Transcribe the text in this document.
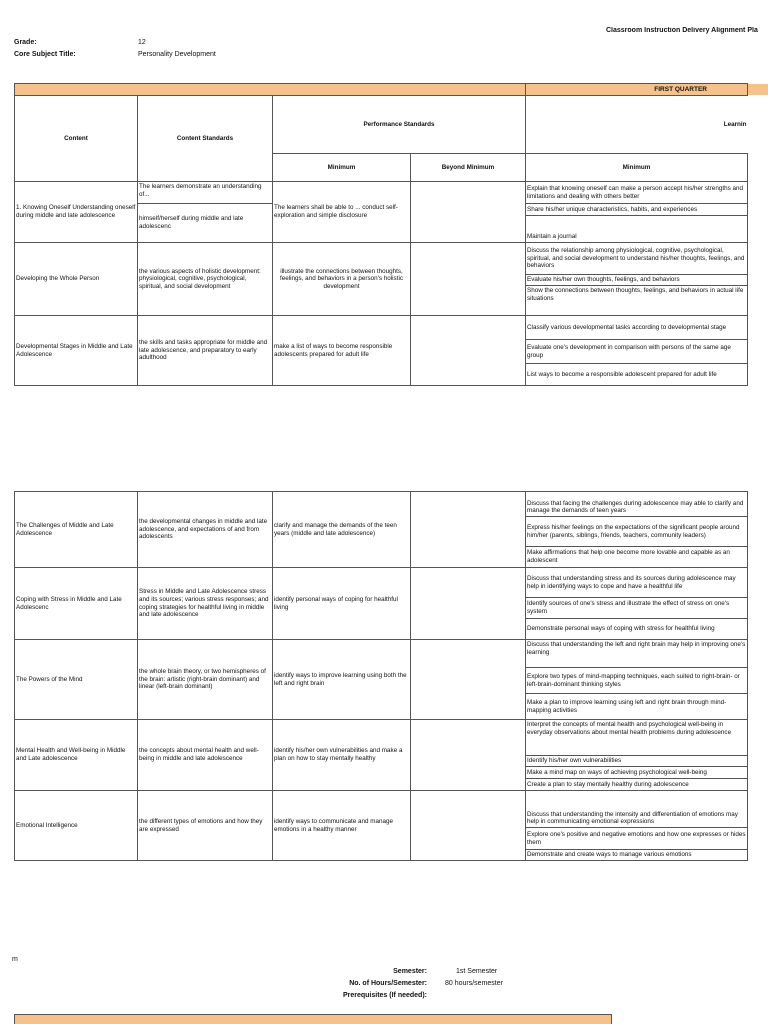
Classroom Instruction Delivery Alignment Pla
Grade:	12
Core Subject Title:	Personality Development
				FIRST QUARTER
Content	Content Standards	Performance Standards		Learnin
		Minimum	Beyond Minimum	Minimum
1. Knowing Oneself Understanding oneself during middle and late adolescence	The learners demonstrate an understanding of...	The learners shall be able to ... conduct self-exploration and simple disclosure		Explain that knowing oneself can make a person accept his/her strengths and limitations and dealing with others better
	himself/herself during middle and late adolescenc			Share his/her unique characteristics, habits, and experiences
				Maintain a journal
Developing the Whole Person	the various aspects of holistic development: physiological, cognitive, psychological, spiritual, and social development	illustrate the connections between thoughts, feelings, and behaviors in a person's holistic development		Discuss the relationship among physiological, cognitive, psychological, spiritual, and social development to understand his/her thoughts, feelings, and behaviors
				Evaluate his/her own thoughts, feelings, and behaviors
				Show the connections between thoughts, feelings, and behaviors in actual life situations
Developmental Stages in Middle and Late Adolescence	the skills and tasks appropriate for middle and late adolescence, and preparatory to early adulthood	make a list of ways to become responsible adolescents prepared for adult life		Classify various developmental tasks according to developmental stage
				Evaluate one's development in comparison with persons of the same age group
				List ways to become a responsible adolescent prepared for adult life
The Challenges of Middle and Late Adolescence	the developmental changes in middle and late adolescence, and expectations of and from adolescents	clarify and manage the demands of the teen years (middle and late adolescence)		Discuss that facing the challenges during adolescence may able to clarify and manage the demands of teen years
				Express his/her feelings on the expectations of the significant people around him/her (parents, siblings, friends, teachers, community leaders)
				Make affirmations that help one become more lovable and capable as an adolescent

Coping with Stress in Middle and Late Adolescenc	Stress in Middle and Late Adolescence stress and its sources; various stress responses; and coping strategies for healthful living in middle and late adolescence	identify personal ways of coping for healthful living		Discuss that understanding stress and its sources during adolescence may help in identifying ways to cope and have a healthful life
				Identify sources of one's stress and illustrate the effect of stress on one's system
				Demonstrate personal ways of coping with stress for healthful living
The Powers of the Mind	the whole brain theory, or two hemispheres of the brain: artistic (right-brain dominant) and linear (left-brain dominant)	identify ways to improve learning using both the left and right brain		Discuss that understanding the left and right brain may help in improving one's learning
				Explore two types of mind-mapping techniques, each suited to right-brain- or left-brain-dominant thinking styles
				Make a plan to improve learning using left and right brain through mind-mapping activities
Mental Health and Well-being in Middle and Late adolescence	the concepts about mental health and well- being in middle and late adolescence	identify his/her own vulnerabilities and make a plan on how to stay mentally healthy		Interpret the concepts of mental health and psychological well-being in everyday observations about mental health problems during adolescence
				Identify his/her own vulnerabilities
				Make a mind map on ways of achieving psychological well-being
				Create a plan to stay mentally healthy during adolescence
Emotional Intelligence	the different types of emotions and how they are expressed	identify ways to communicate and manage emotions in a healthy manner		Discuss that understanding the intensity and differentiation of emotions may help in communicating emotional expressions
				Explore one's positive and negative emotions and how one expresses or hides them
				Demonstrate and create ways to manage various emotions
m
Semester:	1st Semester
No. of Hours/Semester:	80 hours/semester
Prerequisites (If needed):
